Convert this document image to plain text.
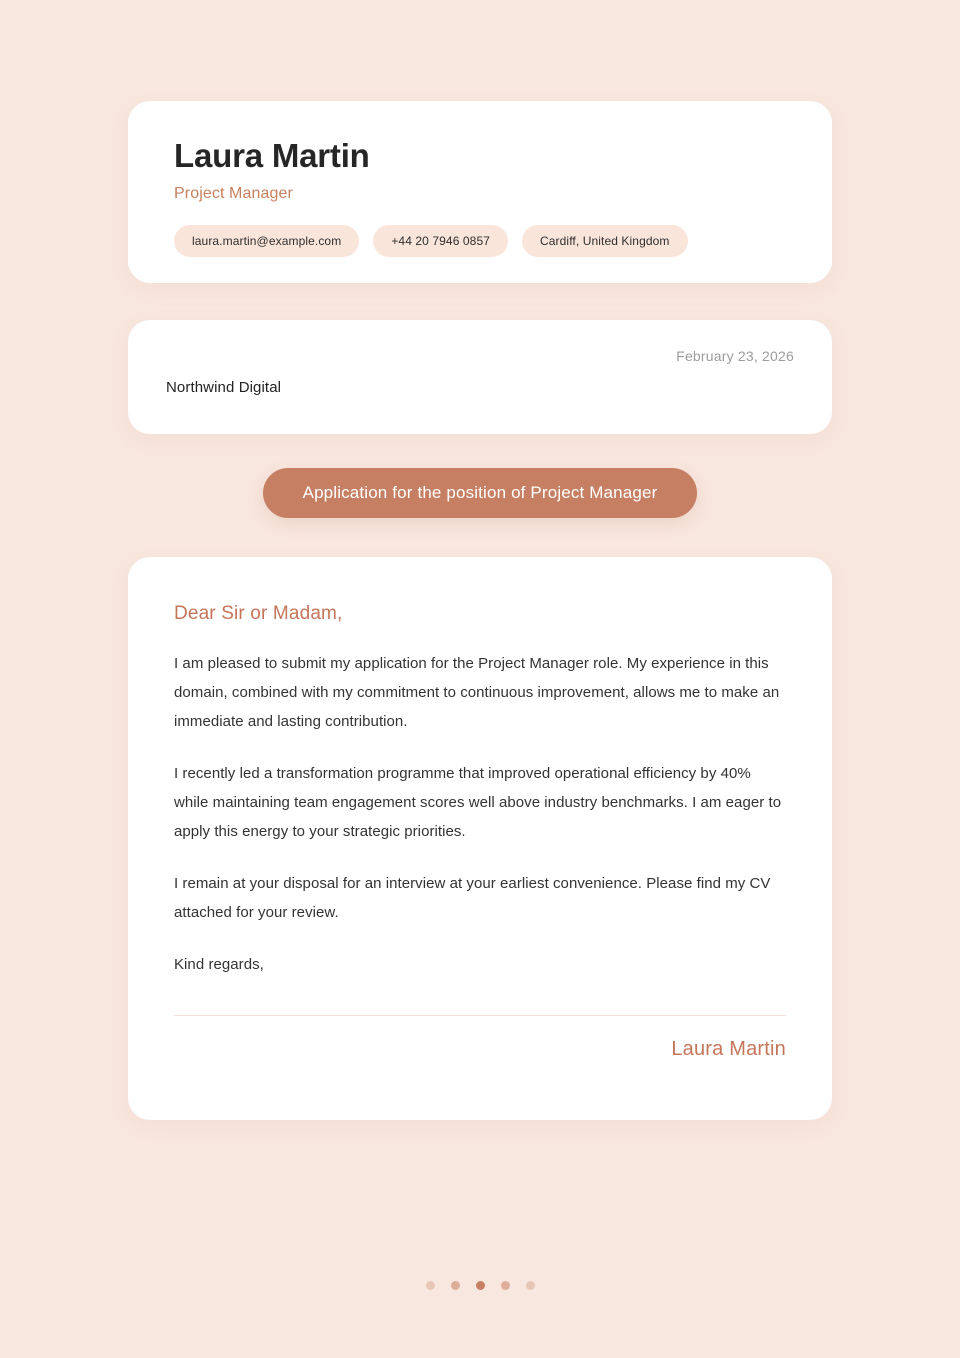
Laura Martin
Project Manager
laura.martin@example.com	+44 20 7946 0857	Cardiff, United Kingdom
February 23, 2026
Northwind Digital
Application for the position of Project Manager
Dear Sir or Madam,

I am pleased to submit my application for the Project Manager role. My experience in this domain, combined with my commitment to continuous improvement, allows me to make an immediate and lasting contribution.

I recently led a transformation programme that improved operational efficiency by 40% while maintaining team engagement scores well above industry benchmarks. I am eager to apply this energy to your strategic priorities.

I remain at your disposal for an interview at your earliest convenience. Please find my CV attached for your review.

Kind regards,
Laura Martin
